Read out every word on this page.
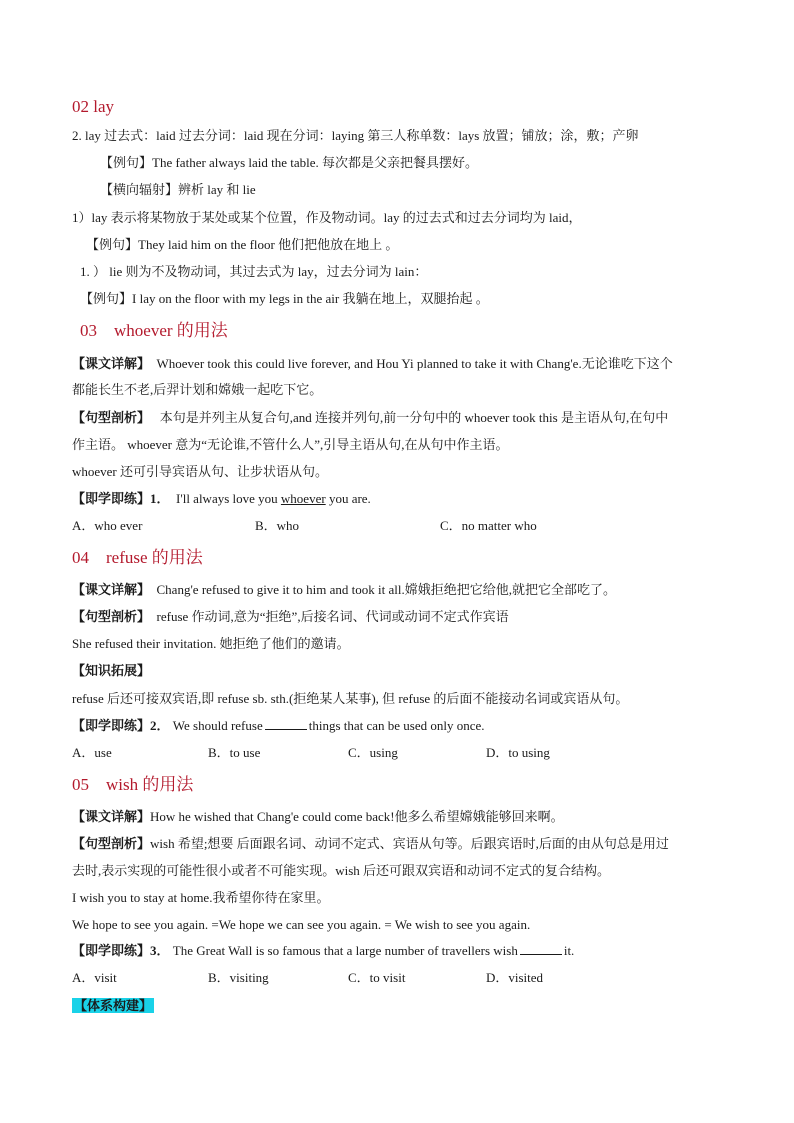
02 lay
2. lay 过去式：laid 过去分词：laid 现在分词：laying 第三人称单数：lays 放置；铺放；涂，敷；产卵
【例句】The father always laid the table. 每次都是父亲把餐具摆好。
【横向辐射】辨析 lay 和 lie
1）lay 表示将某物放于某处或某个位置，作及物动词。lay 的过去式和过去分词均为 laid，
【例句】They laid him on the floor 他们把他放在地上 。
1. ） lie 则为不及物动词，其过去式为 lay，过去分词为 lain：
【例句】I lay on the floor with my legs in the air 我躺在地上，双腿抬起 。
03 whoever 的用法
【课文详解】 Whoever took this could live forever, and Hou Yi planned to take it with Chang'e.无论谁吃下这个
都能长生不老,后羿计划和嫦娥一起吃下它。
【句型剖析】 本句是并列主从复合句,and 连接并列句,前一分句中的 whoever took this 是主语从句,在句中
作主语。 whoever 意为“无论谁,不管什么人”,引导主语从句,在从句中作主语。
whoever 还可引导宾语从句、让步状语从句。
【即学即练】1． I'll always love you whoever you are.
A．who ever	B．who	C．no matter who
04 refuse 的用法
【课文详解】 Chang'e refused to give it to him and took it all.嫦娥拒绝把它给他,就把它全部吃了。
【句型剖析】 refuse 作动词,意为“拒绝”,后接名词、代词或动词不定式作宾语
She refused their invitation. 她拒绝了他们的邀请。
【知识拓展】
refuse 后还可接双宾语,即 refuse sb. sth.(拒绝某人某事), 但 refuse 的后面不能接动名词或宾语从句。
【即学即练】2． We should refuse	things that can be used only once.
A．use	B．to use	C．using	D．to using
05 wish 的用法
【课文详解】How he wished that Chang'e could come back!他多么希望嫦娥能够回来啊。
【句型剖析】wish 希望;想要 后面跟名词、动词不定式、宾语从句等。后跟宾语时,后面的由从句总是用过
去时,表示实现的可能性很小或者不可能实现。wish 后还可跟双宾语和动词不定式的复合结构。
I wish you to stay at home.我希望你待在家里。
We hope to see you again. =We hope we can see you again. = We wish to see you again.
【即学即练】3． The Great Wall is so famous that a large number of travellers wish	it.
A．visit	B．visiting	C．to visit	D．visited
【体系构建】
